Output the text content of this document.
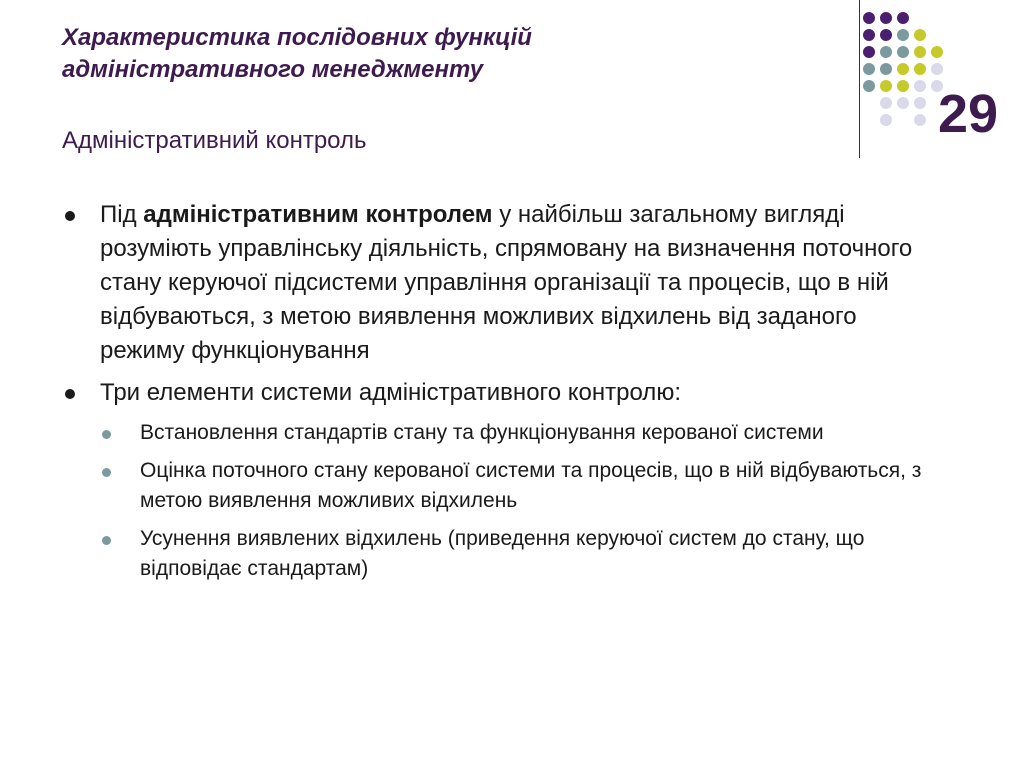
Характеристика послідовних функцій
адміністративного менеджменту
Адміністративний контроль	29
Під адміністративним контролем у найбільш загальному вигляді розуміють управлінську діяльність, спрямовану на визначення поточного стану керуючої підсистеми управління організації та процесів, що в ній відбуваються, з метою виявлення можливих відхилень від заданого режиму функціонування
Три елементи системи адміністративного контролю:
Встановлення стандартів стану та функціонування керованої системи
Оцінка поточного стану керованої системи та процесів, що в ній відбуваються, з метою виявлення можливих відхилень
Усунення виявлених відхилень (приведення керуючої систем до стану, що відповідає стандартам)
